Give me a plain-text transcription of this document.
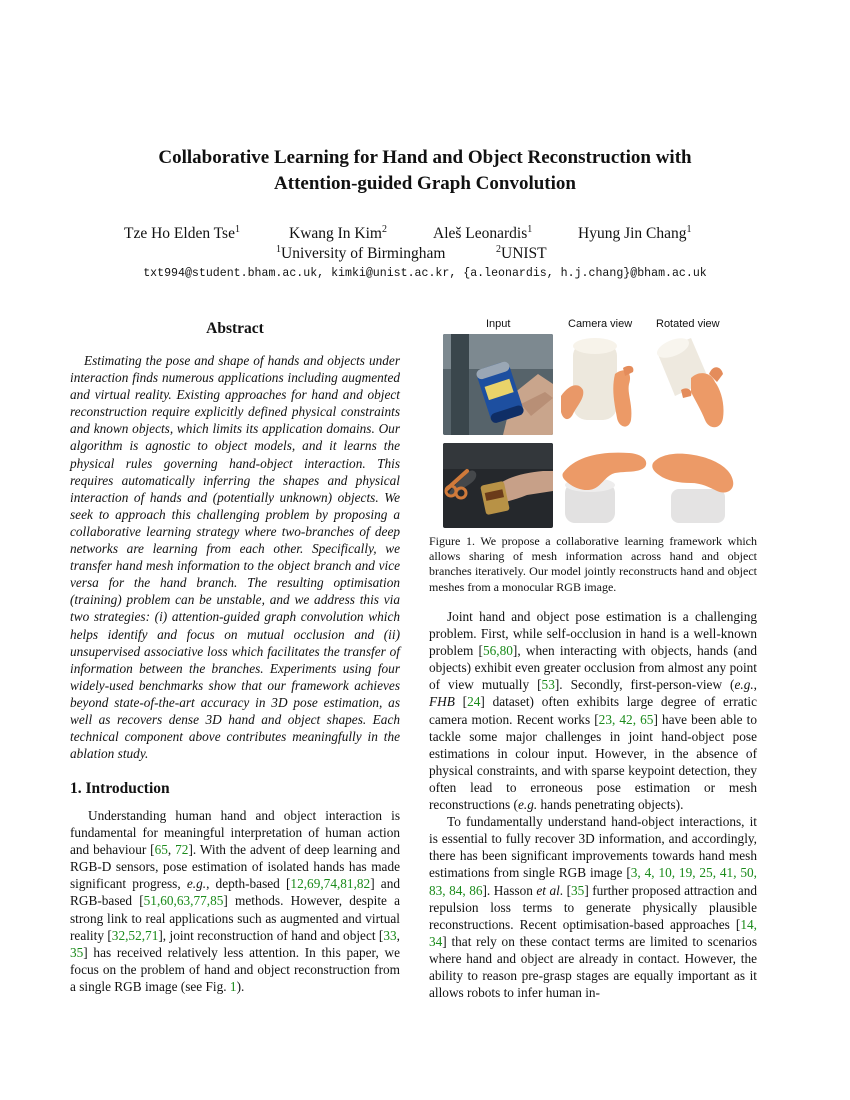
Collaborative Learning for Hand and Object Reconstruction with
Attention-guided Graph Convolution
Tze Ho Elden Tse$^1$	Kwang In Kim$^2$	Aleš Leonardis$^1$	Hyung Jin Chang$^1$
$^1$University of Birmingham	$^2$UNIST
txt994@student.bham.ac.uk, kimki@unist.ac.kr, {a.leonardis, h.j.chang}@bham.ac.uk
Abstract

Estimating the pose and shape of hands and objects under interaction finds numerous applications including augmented and virtual reality. Existing approaches for hand and object reconstruction require explicitly defined physical constraints and known objects, which limits its application domains. Our algorithm is agnostic to object models, and it learns the physical rules governing hand-object interaction. This requires automatically inferring the shapes and physical interaction of hands and (potentially unknown) objects. We seek to approach this challenging problem by proposing a collaborative learning strategy where two-branches of deep networks are learning from each other. Specifically, we transfer hand mesh information to the object branch and vice versa for the hand branch. The resulting optimisation (training) problem can be unstable, and we address this via two strategies: (i) attention-guided graph convolution which helps identify and focus on mutual occlusion and (ii) unsupervised associative loss which facilitates the transfer of information between the branches. Experiments using four widely-used benchmarks show that our framework achieves beyond state-of-the-art accuracy in 3D pose estimation, as well as recovers dense 3D hand and object shapes. Each technical component above contributes meaningfully in the ablation study.

1. Introduction

Understanding human hand and object interaction is fundamental for meaningful interpretation of human action and behaviour [65, 72]. With the advent of deep learning and RGB-D sensors, pose estimation of isolated hands has made significant progress, e.g., depth-based [12,69,74,81,82] and RGB-based [51,60,63,77,85] methods. However, despite a strong link to real applications such as augmented and virtual reality [32,52,71], joint reconstruction of hand and object [33, 35] has received relatively less attention. In this paper, we focus on the problem of hand and object reconstruction from a single RGB image (see Fig. 1).

Input	Camera view Rotated view
Figure 1. We propose a collaborative learning framework which allows sharing of mesh information across hand and object branches iteratively. Our model jointly reconstructs hand and object meshes from a monocular RGB image.

Joint hand and object pose estimation is a challenging problem. First, while self-occlusion in hand is a well-known problem [56,80], when interacting with objects, hands (and objects) exhibit even greater occlusion from almost any point of view mutually [53]. Secondly, first-person-view (e.g., FHB [24] dataset) often exhibits large degree of erratic camera motion. Recent works [23, 42, 65] have been able to tackle some major challenges in joint hand-object pose estimations in colour input. However, in the absence of physical constraints, and with sparse keypoint detection, they often lead to erroneous pose estimation or mesh reconstructions (e.g. hands penetrating objects).

To fundamentally understand hand-object interactions, it is essential to fully recover 3D information, and accordingly, there has been significant improvements towards hand mesh estimations from single RGB image [3, 4, 10, 19, 25, 41, 50, 83, 84, 86]. Hasson et al. [35] further proposed attraction and repulsion loss terms to generate physically plausible reconstructions. Recent optimisation-based approaches [14, 34] that rely on these contact terms are limited to scenarios where hand and object are already in contact. However, the ability to reason pre-grasp stages are equally important as it allows robots to infer human in-
